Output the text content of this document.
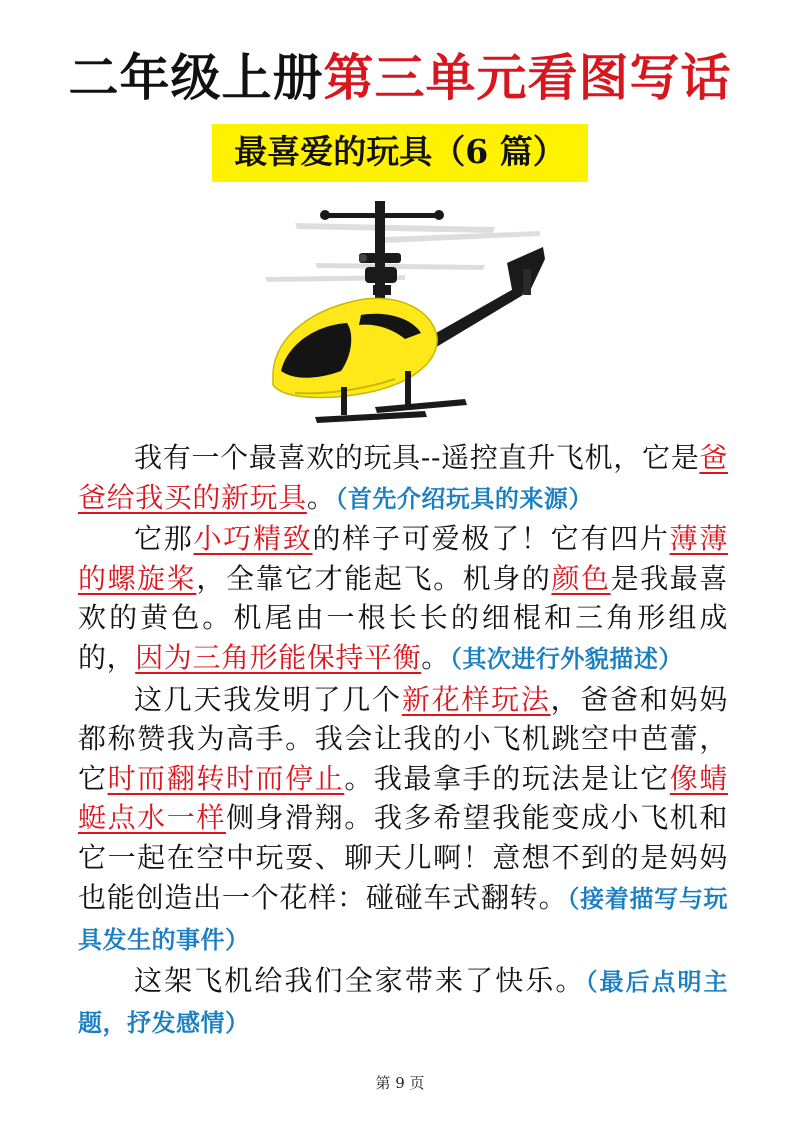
二年级上册第三单元看图写话
最喜爱的玩具（6 篇）

我有一个最喜欢的玩具--遥控直升飞机，它是爸爸给我买的新玩具。（首先介绍玩具的来源）

它那小巧精致的样子可爱极了！它有四片薄薄的螺旋桨，全靠它才能起飞。机身的颜色是我最喜欢的黄色。机尾由一根长长的细棍和三角形组成的，因为三角形能保持平衡。（其次进行外貌描述）

这几天我发明了几个新花样玩法，爸爸和妈妈都称赞我为高手。我会让我的小飞机跳空中芭蕾，它时而翻转时而停止。我最拿手的玩法是让它像蜻蜓点水一样侧身滑翔。我多希望我能变成小飞机和它一起在空中玩耍、聊天儿啊！意想不到的是妈妈也能创造出一个花样：碰碰车式翻转。（接着描写与玩具发生的事件）

这架飞机给我们全家带来了快乐。（最后点明主题，抒发感情）

第 9 页
